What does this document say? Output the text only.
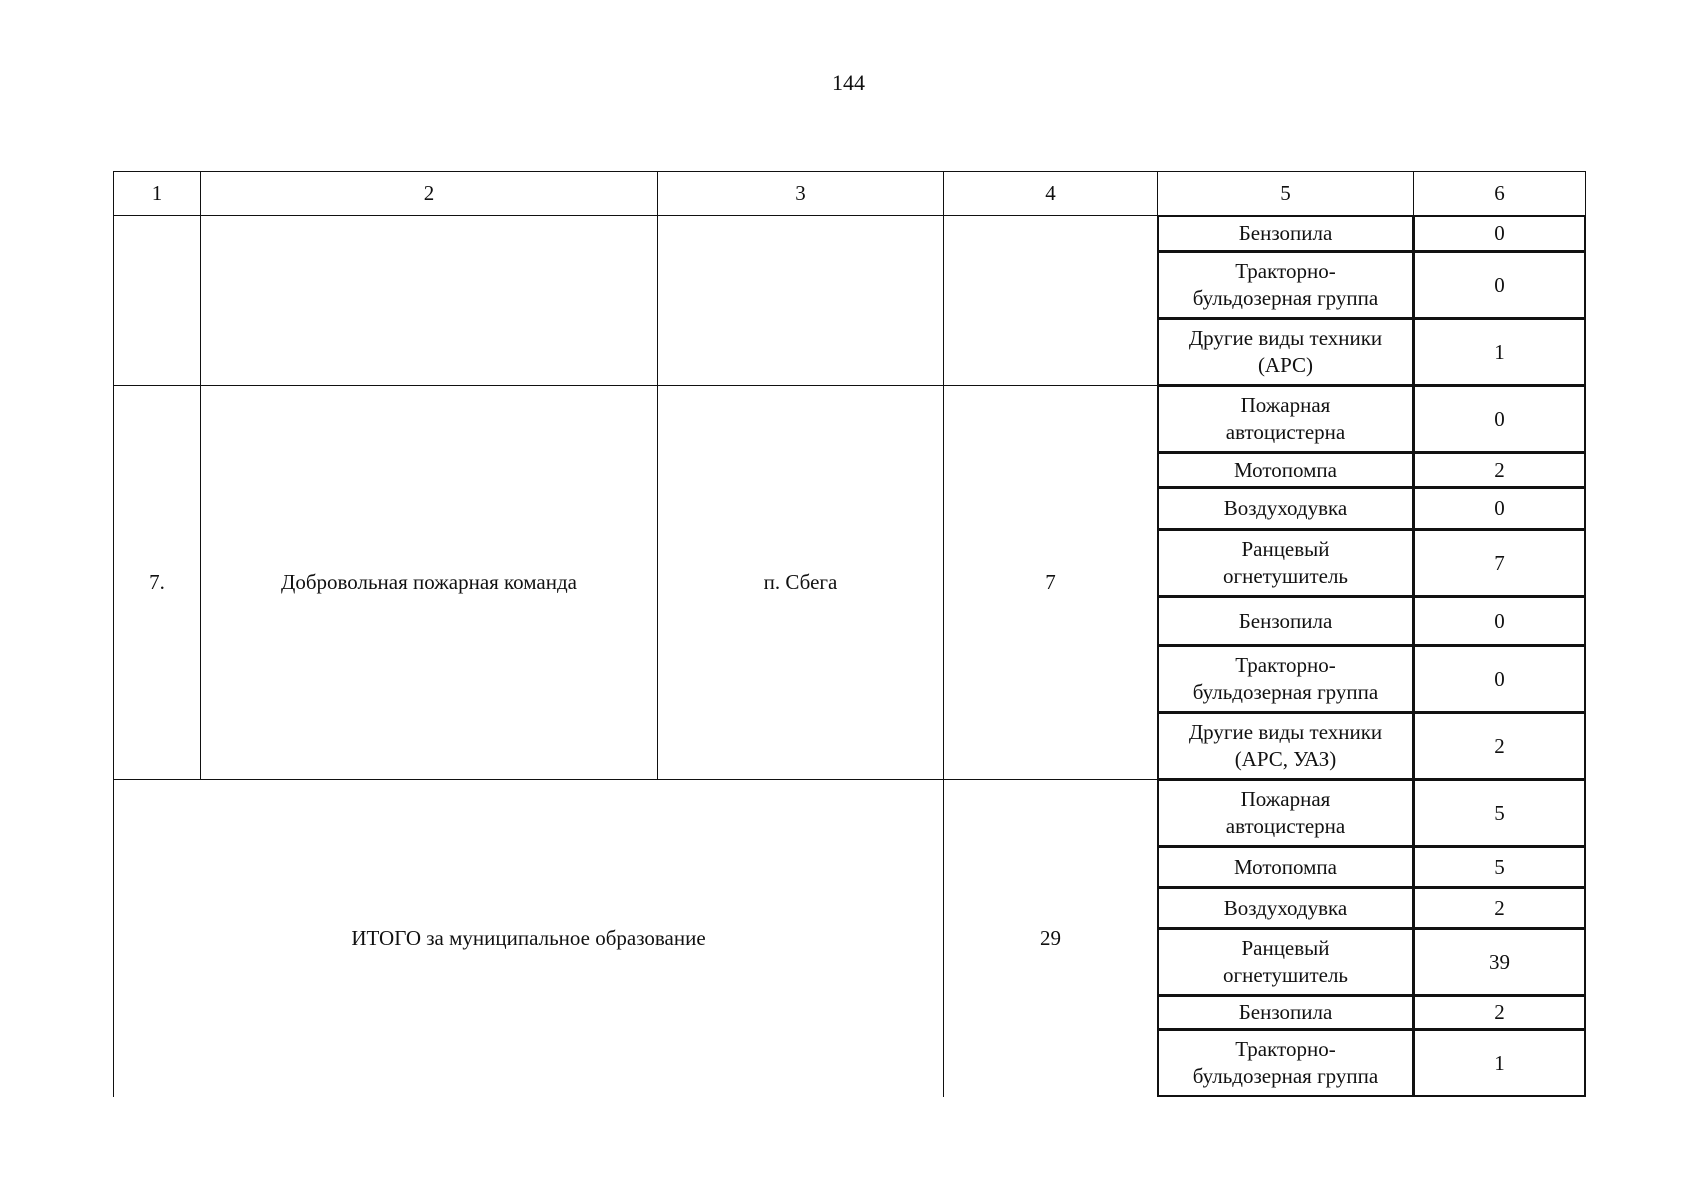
144
1	2	3	4	5	6
Бензопила	0
Тракторно-
бульдозерная группа
0
Другие виды техники
(АРС)
1
7.	Добровольная пожарная команда	п. Сбега	7
Пожарная
автоцистерна
0
Мотопомпа	2
Воздуходувка	0
Ранцевый
огнетушитель
7
Бензопила	0
Тракторно-
бульдозерная группа
0
Другие виды техники
(АРС, УАЗ)
2
ИТОГО за муниципальное образование	29
Пожарная
автоцистерна
5
Мотопомпа	5
Воздуходувка	2
Ранцевый
огнетушитель
39
Бензопила	2
Тракторно-
бульдозерная группа
1
